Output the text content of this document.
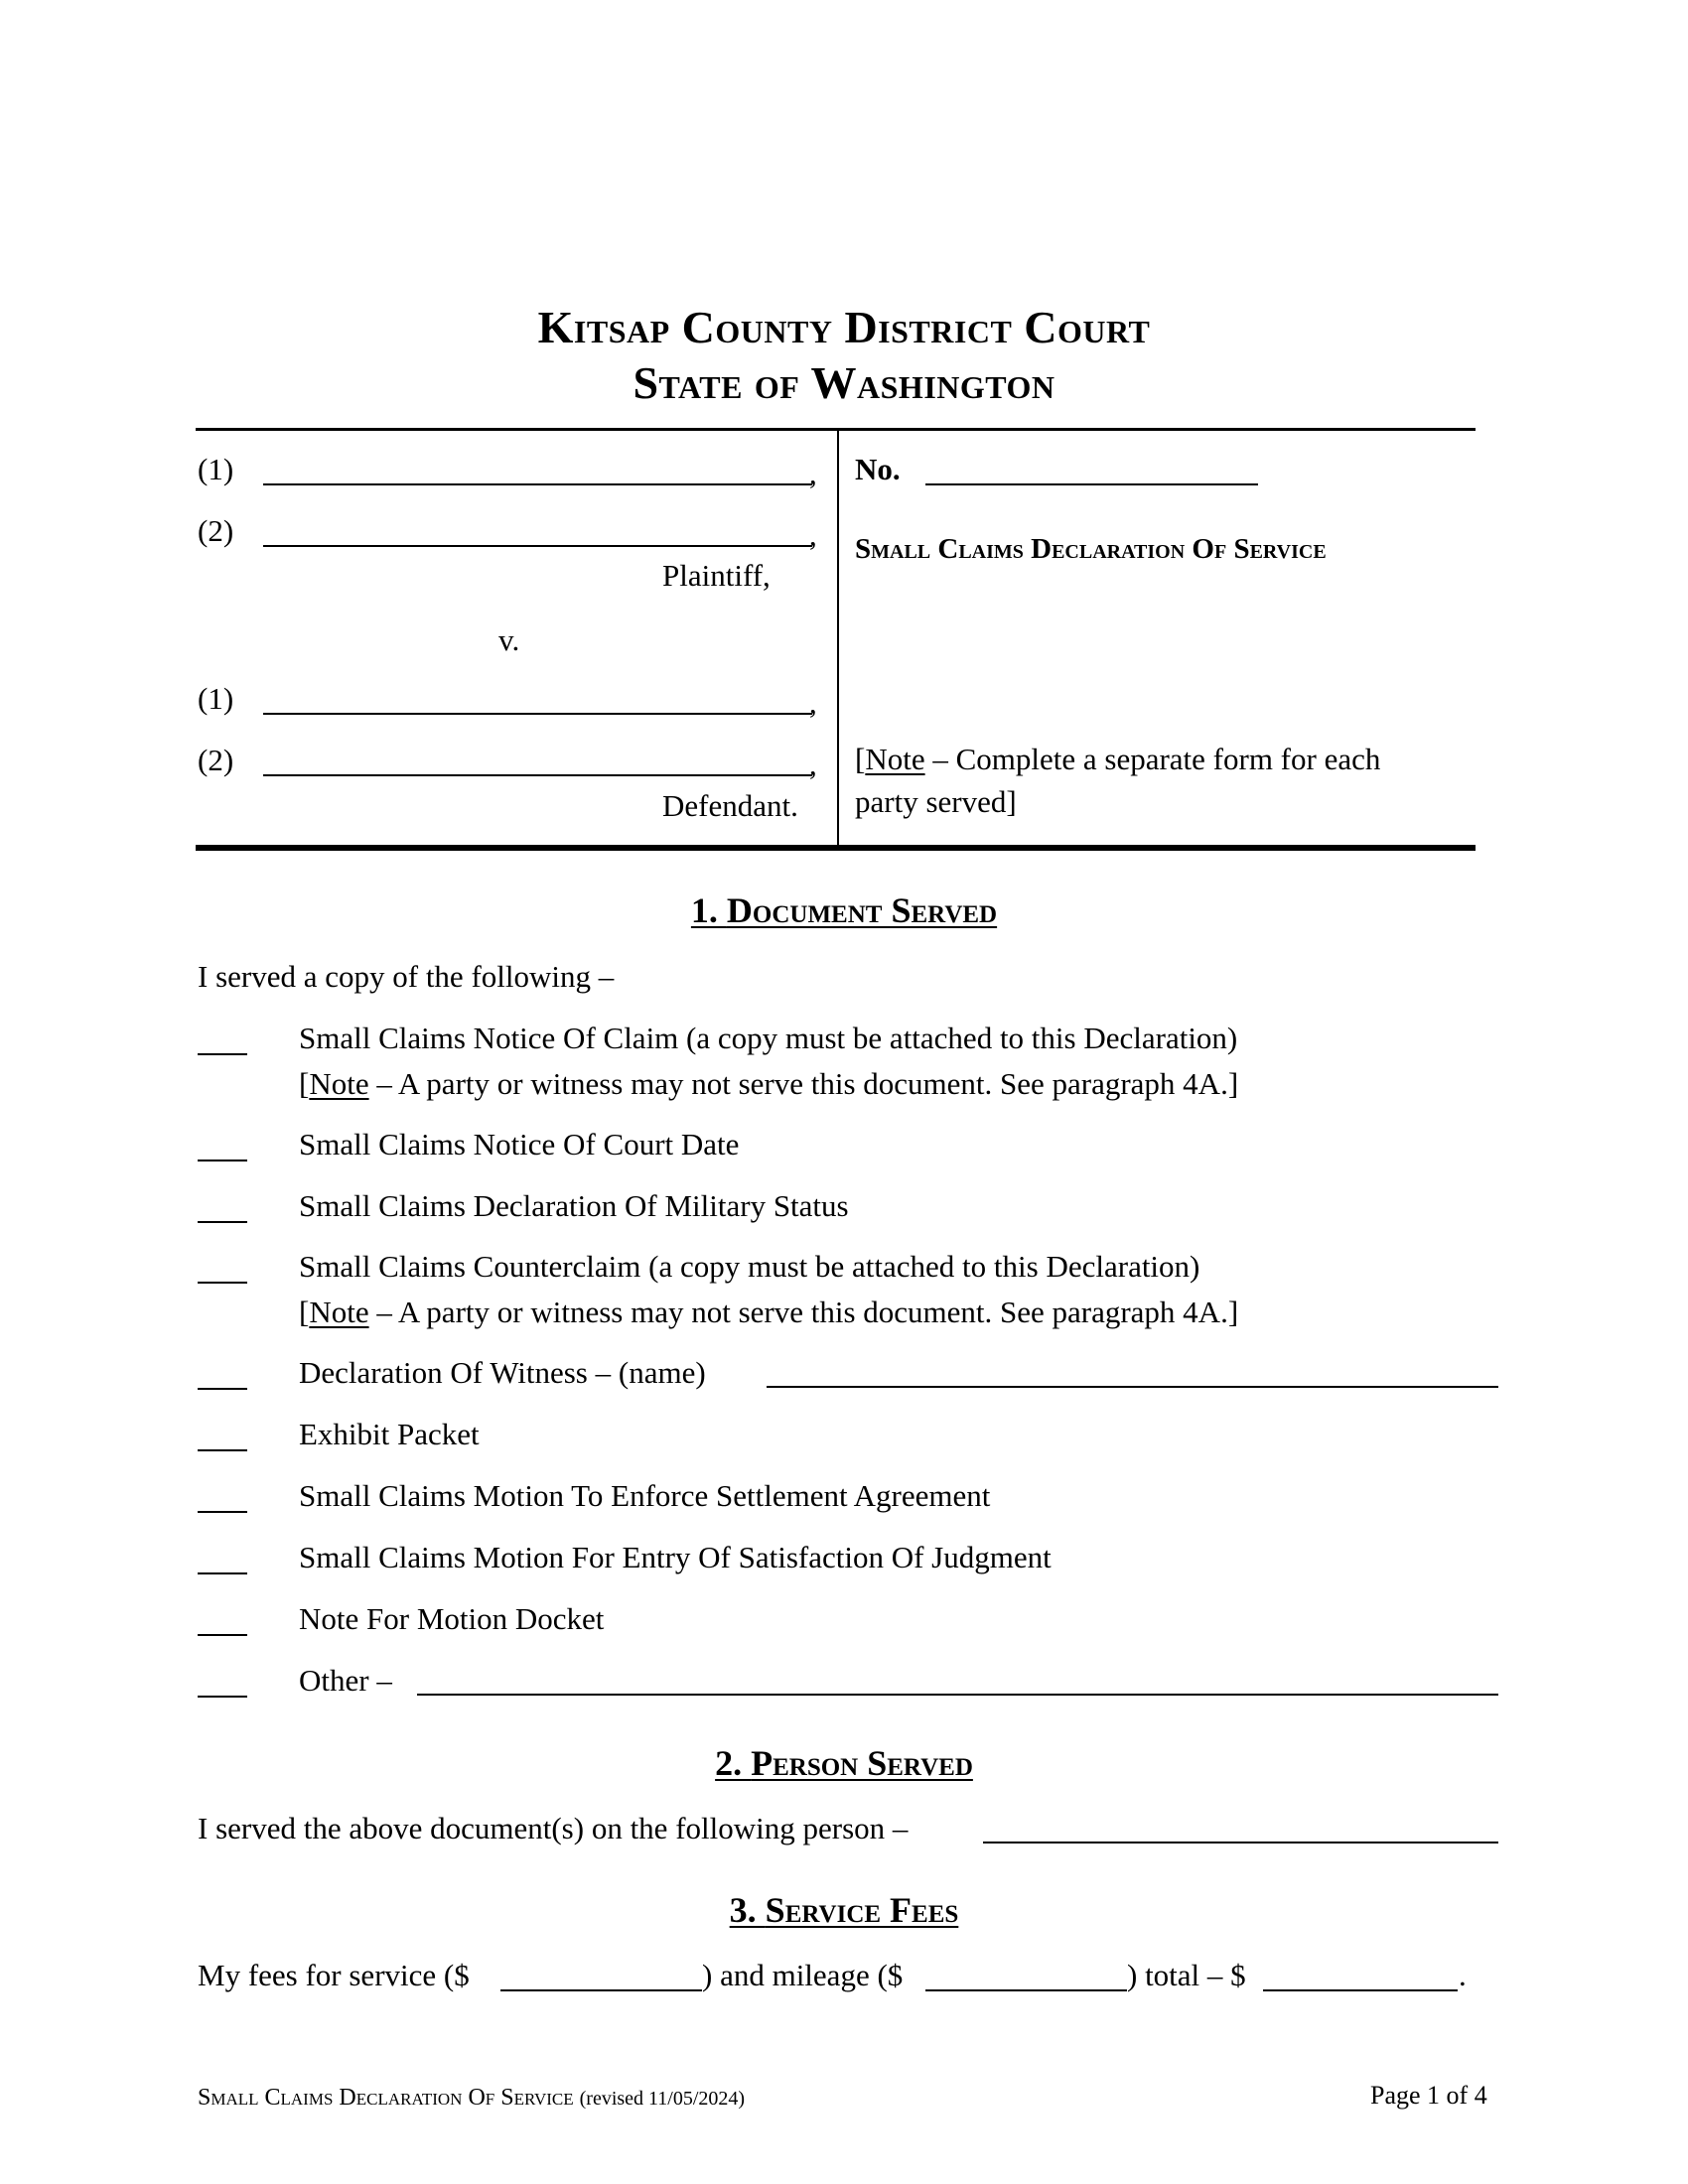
Kitsap County District Court
State of Washington
(1)	,
(2)	,
Plaintiff,
v.
(1)	,
(2)	,
Defendant.
No.
Small Claims Declaration Of Service
[Note – Complete a separate form for each
party served]
1. Document Served
I served a copy of the following –
Small Claims Notice Of Claim (a copy must be attached to this Declaration)
[Note – A party or witness may not serve this document. See paragraph 4A.]
Small Claims Notice Of Court Date
Small Claims Declaration Of Military Status
Small Claims Counterclaim (a copy must be attached to this Declaration)
[Note – A party or witness may not serve this document. See paragraph 4A.]
Declaration Of Witness – (name)
Exhibit Packet
Small Claims Motion To Enforce Settlement Agreement
Small Claims Motion For Entry Of Satisfaction Of Judgment
Note For Motion Docket
Other –
2. Person Served
I served the above document(s) on the following person –
3. Service Fees
My fees for service ($	) and mileage ($	) total – $	.
Small Claims Declaration Of Service (revised 11/05/2024)	Page 1 of 4
